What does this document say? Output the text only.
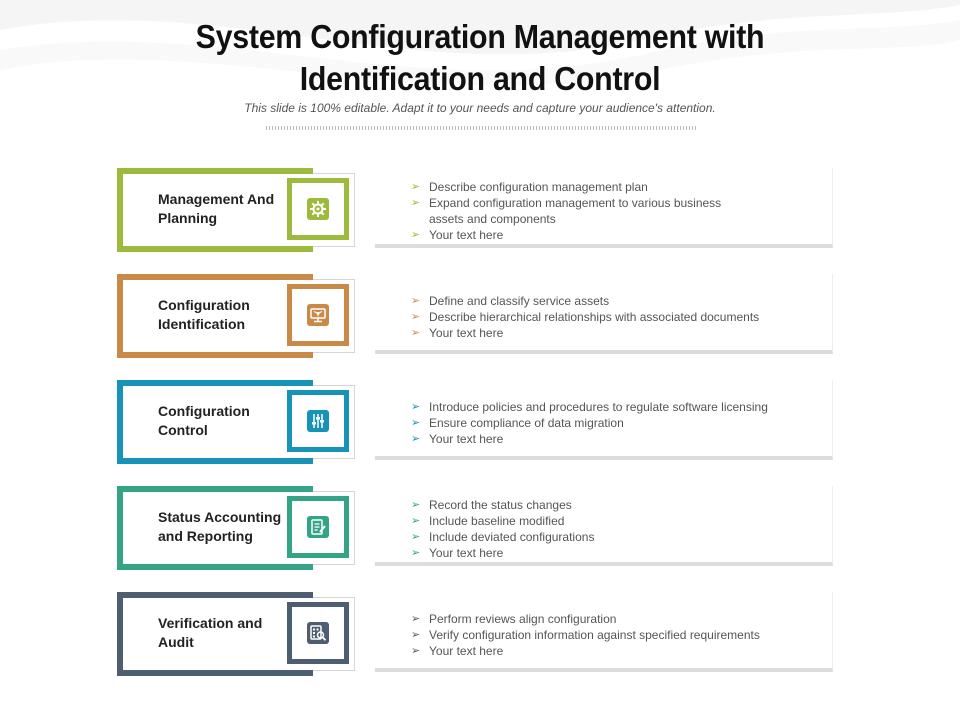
System Configuration Management with
Identification and Control
This slide is 100% editable. Adapt it to your needs and capture your audience's attention.
Management And
Planning
➢ Describe configuration management plan
➢ Expand configuration management to various business
assets and components
➢ Your text here
Configuration
Identification
➢ Define and classify service assets
➢ Describe hierarchical relationships with associated documents
➢ Your text here
Configuration
Control
➢ Introduce policies and procedures to regulate software licensing
➢ Ensure compliance of data migration
➢ Your text here
Status Accounting
and Reporting
➢ Record the status changes
➢ Include baseline modified
➢ Include deviated configurations
➢ Your text here
Verification and
Audit
➢ Perform reviews align configuration
➢ Verify configuration information against specified requirements
➢ Your text here
